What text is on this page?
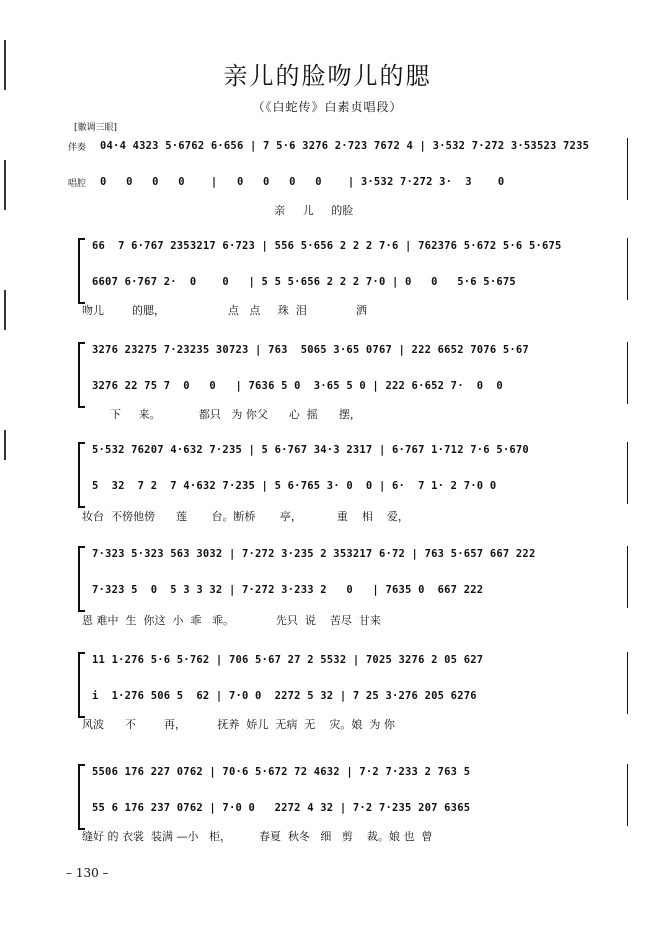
亲儿的脸吻儿的腮
（《白蛇传》白素贞唱段）
[徽调三眼]
伴奏
唱腔
04·4 4323 5·6762 6·656 | 7 5·6 3276 2·723 7672 4 | 3·532 7·272 3·53523 7235
0   0   0   0    |   0   0   0   0    | 3·532 7·272 3·  3    0
亲     儿     的脸
66  7 6·767 2353217 6·723 | 556 5·656 2 2 2 7·6 | 762376 5·672 5·6 5·675
6607 6·767 2·  0    0   | 5 5 5·656 2 2 2 7·0 | 0   0   5·6 5·675
吻儿        的腮，                  点   点     珠  泪              洒
3276 23275 7·23235 30723 | 763  5065 3·65 0767 | 222 6652 7076 5·67
3276 22 75 7  0   0   | 7636 5 0  3·65 5 0 | 222 6·652 7·  0  0
下     来。           都只   为 你父      心  摇      摆，
5·532 76207 4·632 7·235 | 5 6·767 34·3 2317 | 6·767 1·712 7·6 5·670
5  32  7 2  7 4·632 7·235 | 5 6·765 3· 0  0 | 6·  7 1· 2 7·0 0
妆台  不傍他傍      莲       台。断桥       亭，          重    相    爱，
7·323 5·323 563 3032 | 7·272 3·235 2 353217 6·72 | 763 5·657 667 222
7·323 5  0  5 3 3 32 | 7·272 3·233 2   0   | 7635 0  667 222
恩 难中  生  你这  小  乖   乖。            先只  说    苦尽  甘来
11 1·276 5·6 5·762 | 706 5·67 27 2 5532 | 7025 3276 2 05 627
i  1·276 506 5  62 | 7·0 0  2272 5 32 | 7 25 3·276 205 6276
风波      不        再，         抚养  娇儿  无病  无    灾。娘  为 你
5506 176 227 0762 | 70·6 5·672 72 4632 | 7·2 7·233 2 763 5
55 6 176 237 0762 | 7·0 0   2272 4 32 | 7·2 7·235 207 6365
缝好 的 衣裳  装满 —小   柜，        春夏  秋冬   细   剪    裁。娘 也  曾
– 130 –
